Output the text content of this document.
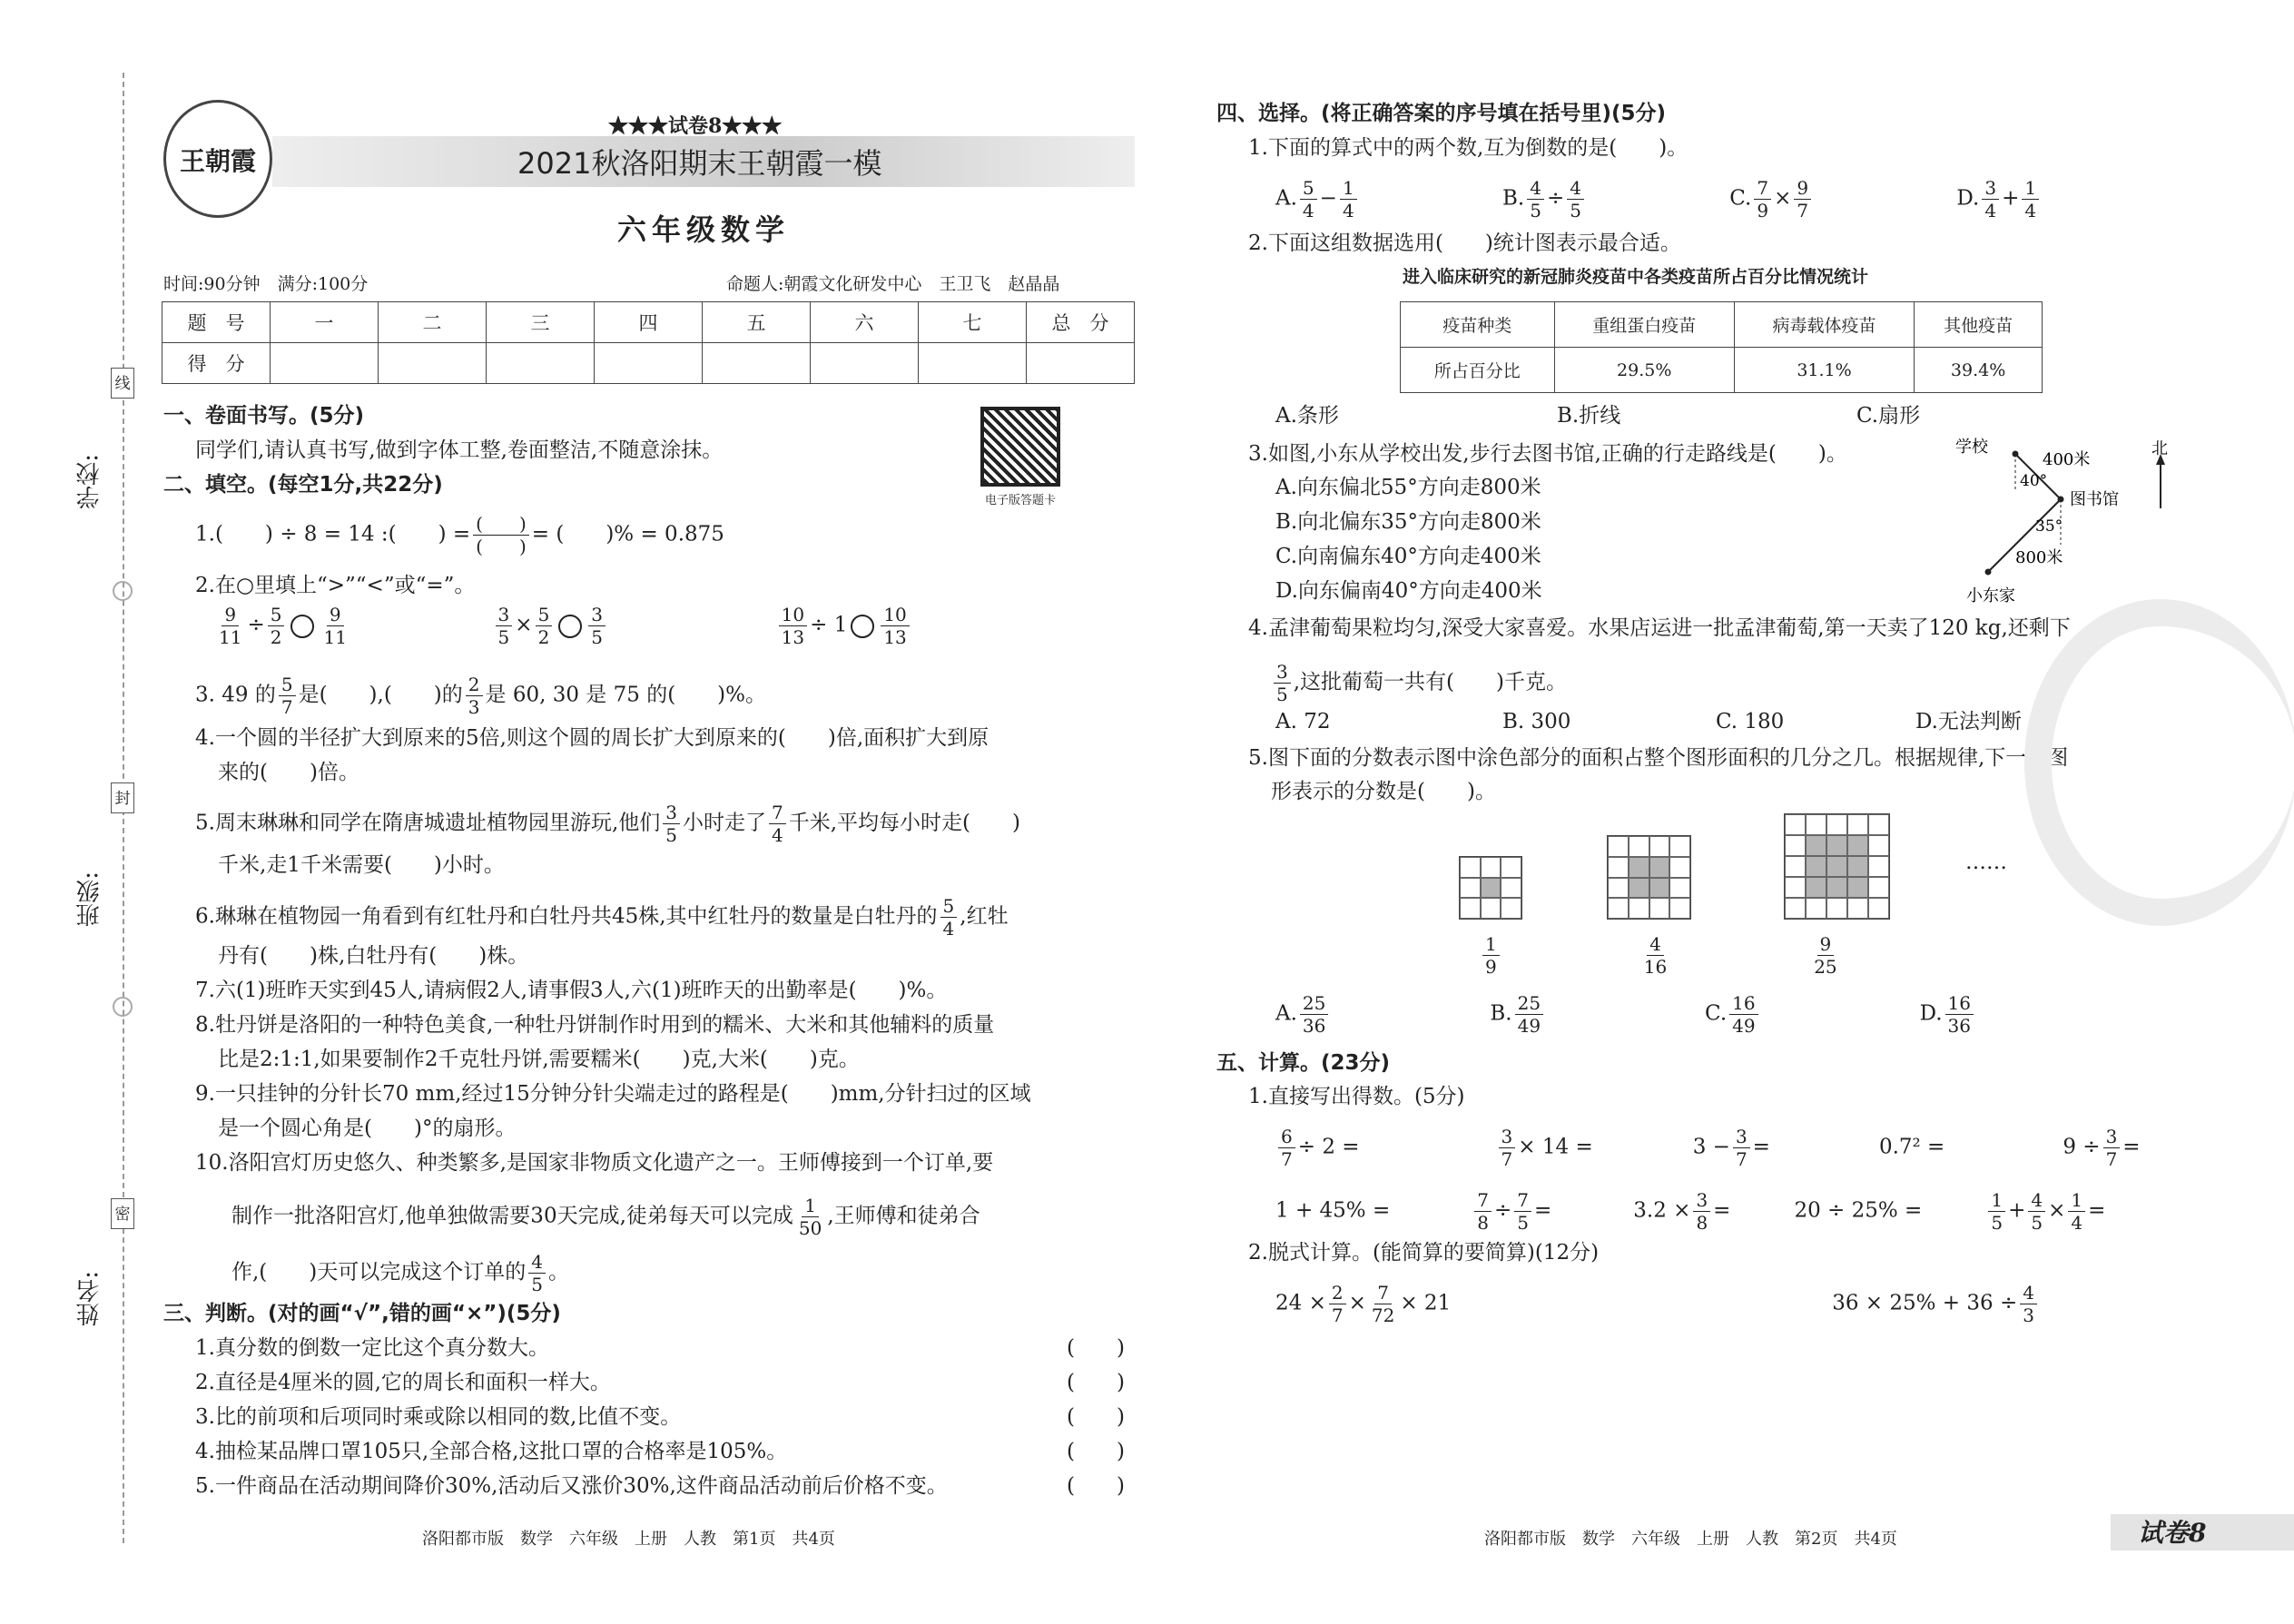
王朝霞
★★★试卷8★★★
2021秋洛阳期末王朝霞一模
六年级数学
时间:90分钟　满分:100分	命题人:朝霞文化研发中心　王卫飞　赵晶晶
题　号	一	二	三	四	五	六	七	总　分
得　分								
电子版答题卡
一、卷面书写。(5分)
同学们,请认真书写,做到字体工整,卷面整洁,不随意涂抹。
二、填空。(每空1分,共22分)
1.(　　) ÷ 8 = 14 :(　　) = $\frac{( )}{( )}$ = (　　)% = 0.875
2.在○里填上“>”“<”或“=”。
$\frac{9}{11} \div \frac{5}{2} \frac{9}{11}$
	$\frac{3}{5} \times \frac{5}{2} \frac{3}{5}$
	$\frac{10}{13} \div 1 \frac{10}{13}$
3. 49 的 $\frac{5}{7}$ 是(　　),(　　)的 $\frac{2}{3}$ 是 60, 30 是 75 的(　　)%。
4.一个圆的半径扩大到原来的5倍,则这个圆的周长扩大到原来的(　　)倍,面积扩大到原
来的(　　)倍。
5.周末琳琳和同学在隋唐城遗址植物园里游玩,他们 $\frac{3}{5}$ 小时走了 $\frac{7}{4}$ 千米,平均每小时走(　　)
千米,走1千米需要(　　)小时。
6.琳琳在植物园一角看到有红牡丹和白牡丹共45株,其中红牡丹的数量是白牡丹的 $\frac{5}{4}$ ,红牡
丹有(　　)株,白牡丹有(　　)株。
7.六(1)班昨天实到45人,请病假2人,请事假3人,六(1)班昨天的出勤率是(　　)%。
8.牡丹饼是洛阳的一种特色美食,一种牡丹饼制作时用到的糯米、大米和其他辅料的质量
比是2:1:1,如果要制作2千克牡丹饼,需要糯米(　　)克,大米(　　)克。
9.一只挂钟的分针长70 mm,经过15分钟分针尖端走过的路程是(　　)mm,分针扫过的区域
是一个圆心角是(　　)°的扇形。
10.洛阳宫灯历史悠久、种类繁多,是国家非物质文化遗产之一。王师傅接到一个订单,要
制作一批洛阳宫灯,他单独做需要30天完成,徒弟每天可以完成 $\frac{1}{50}$ ,王师傅和徒弟合
作,(　　)天可以完成这个订单的 $\frac{4}{5}$ 。
三、判断。(对的画“√”,错的画“×”)(5分)
1.真分数的倒数一定比这个真分数大。	(　　)
2.直径是4厘米的圆,它的周长和面积一样大。	(　　)
3.比的前项和后项同时乘或除以相同的数,比值不变。	(　　)
4.抽检某品牌口罩105只,全部合格,这批口罩的合格率是105%。	(　　)
5.一件商品在活动期间降价30%,活动后又涨价30%,这件商品活动前后价格不变。	(　　)
洛阳都市版　数学　六年级　上册　人教　第1页　共4页
学校:
班级:
姓名:
线
封
密
四、选择。(将正确答案的序号填在括号里)(5分)
1.下面的算式中的两个数,互为倒数的是(　　)。
A. $\frac{5}{4} - \frac{1}{4}$	B. $\frac{4}{5} \div \frac{4}{5}$	C. $\frac{7}{9} \times \frac{9}{7}$	D. $\frac{3}{4} + \frac{1}{4}$
2.下面这组数据选用(　　)统计图表示最合适。
进入临床研究的新冠肺炎疫苗中各类疫苗所占百分比情况统计
疫苗种类	重组蛋白疫苗	病毒载体疫苗	其他疫苗
所占百分比	29.5%	31.1%	39.4%
A.条形	B.折线	C.扇形
3.如图,小东从学校出发,步行去图书馆,正确的行走路线是(　　)。
A.向东偏北55°方向走800米
B.向北偏东35°方向走800米
C.向南偏东40°方向走400米
D.向东偏南40°方向走400米
学校
400米
40°
图书馆
35°
800米
小东家
北
4.孟津葡萄果粒均匀,深受大家喜爱。水果店运进一批孟津葡萄,第一天卖了120 kg,还剩下
$\frac{3}{5}$ ,这批葡萄一共有(　　)千克。
A. 72	B. 300	C. 180	D.无法判断
5.图下面的分数表示图中涂色部分的面积占整个图形面积的几分之几。根据规律,下一个图
形表示的分数是(　　)。
……
$\frac{1}{9}$	$\frac{4}{16}$	$\frac{9}{25}$
A. $\frac{25}{36}$	B. $\frac{25}{49}$	C. $\frac{16}{49}$	D. $\frac{16}{36}$
五、计算。(23分)
1.直接写出得数。(5分)
$\frac{6}{7} \div 2$ =	$\frac{3}{7} \times 14$ =	$3 - \frac{3}{7}$ =	0.7² =	$9 \div \frac{3}{7}$ =
1 + 45% =	$\frac{7}{8} \div \frac{7}{5}$ =	$3.2 \times \frac{3}{8}$ =	20 ÷ 25% =	$\frac{1}{5} + \frac{4}{5} \times \frac{1}{4}$ =
2.脱式计算。(能简算的要简算)(12分)
$24 \times \frac{2}{7} \times \frac{7}{72} \times 21$	$36 \times 25\% + 36 \div \frac{4}{3}$
洛阳都市版　数学　六年级　上册　人教　第2页　共4页	试卷8
